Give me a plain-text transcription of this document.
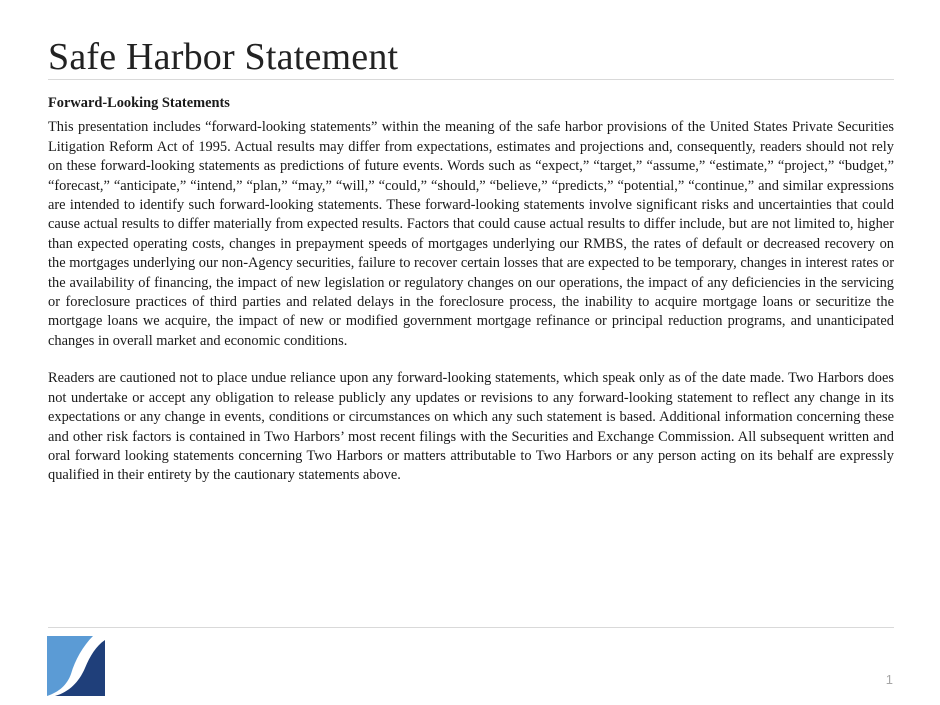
Safe Harbor Statement

Forward-Looking Statements

This presentation includes “forward-looking statements” within the meaning of the safe harbor provisions of the United States Private Securities Litigation Reform Act of 1995. Actual results may differ from expectations, estimates and projections and, consequently, readers should not rely on these forward-looking statements as predictions of future events. Words such as “expect,” “target,” “assume,” “estimate,” “project,” “budget,” “forecast,” “anticipate,” “intend,” “plan,” “may,” “will,” “could,” “should,” “believe,” “predicts,” “potential,” “continue,” and similar expressions are intended to identify such forward-looking statements. These forward-looking statements involve significant risks and uncertainties that could cause actual results to differ materially from expected results. Factors that could cause actual results to differ include, but are not limited to, higher than expected operating costs, changes in prepayment speeds of mortgages underlying our RMBS, the rates of default or decreased recovery on the mortgages underlying our non-Agency securities, failure to recover certain losses that are expected to be temporary, changes in interest rates or the availability of financing, the impact of new legislation or regulatory changes on our operations, the impact of any deficiencies in the servicing or foreclosure practices of third parties and related delays in the foreclosure process, the inability to acquire mortgage loans or securitize the mortgage loans we acquire, the impact of new or modified government mortgage refinance or principal reduction programs, and unanticipated changes in overall market and economic conditions.

Readers are cautioned not to place undue reliance upon any forward-looking statements, which speak only as of the date made. Two Harbors does not undertake or accept any obligation to release publicly any updates or revisions to any forward-looking statement to reflect any change in its expectations or any change in events, conditions or circumstances on which any such statement is based. Additional information concerning these and other risk factors is contained in Two Harbors’ most recent filings with the Securities and Exchange Commission. All subsequent written and oral forward looking statements concerning Two Harbors or matters attributable to Two Harbors or any person acting on its behalf are expressly qualified in their entirety by the cautionary statements above.

1
